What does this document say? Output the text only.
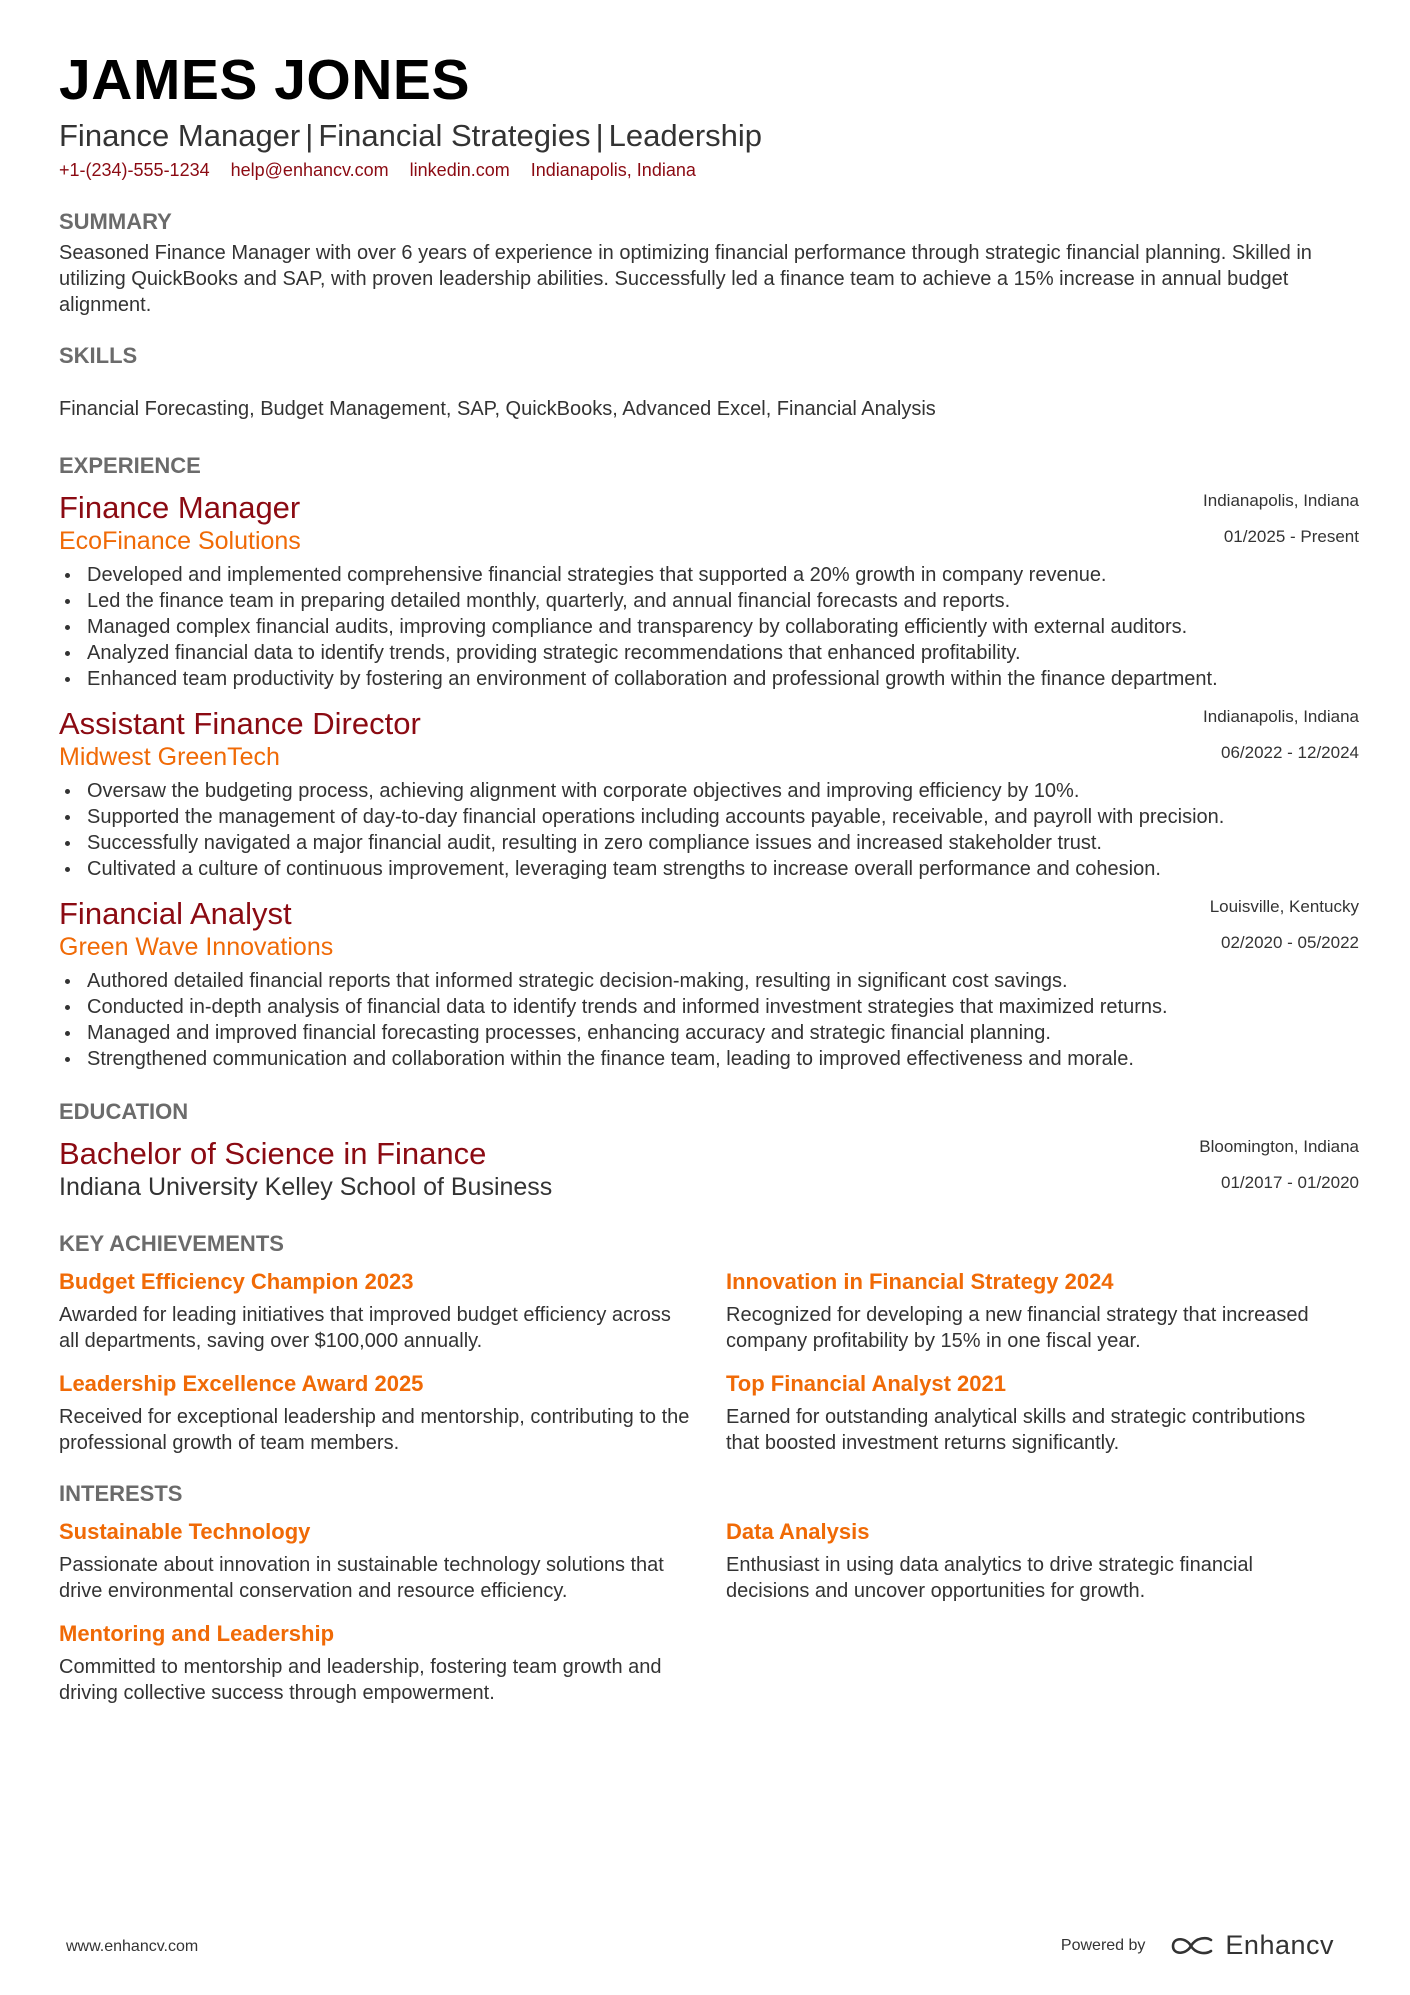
JAMES JONES
Finance Manager | Financial Strategies | Leadership
+1-(234)-555-1234 help@enhancv.com linkedin.com Indianapolis, Indiana
SUMMARY
Seasoned Finance Manager with over 6 years of experience in optimizing financial performance through strategic financial planning. Skilled in utilizing QuickBooks and SAP, with proven leadership abilities. Successfully led a finance team to achieve a 15% increase in annual budget alignment.
SKILLS
Financial Forecasting, Budget Management, SAP, QuickBooks, Advanced Excel, Financial Analysis
EXPERIENCE
Finance Manager
EcoFinance Solutions
Indianapolis, Indiana
01/2025 - Present
Developed and implemented comprehensive financial strategies that supported a 20% growth in company revenue.
Led the finance team in preparing detailed monthly, quarterly, and annual financial forecasts and reports.
Managed complex financial audits, improving compliance and transparency by collaborating efficiently with external auditors.
Analyzed financial data to identify trends, providing strategic recommendations that enhanced profitability.
Enhanced team productivity by fostering an environment of collaboration and professional growth within the finance department.
Assistant Finance Director
Midwest GreenTech
Indianapolis, Indiana
06/2022 - 12/2024
Oversaw the budgeting process, achieving alignment with corporate objectives and improving efficiency by 10%.
Supported the management of day-to-day financial operations including accounts payable, receivable, and payroll with precision.
Successfully navigated a major financial audit, resulting in zero compliance issues and increased stakeholder trust.
Cultivated a culture of continuous improvement, leveraging team strengths to increase overall performance and cohesion.
Financial Analyst
Green Wave Innovations
Louisville, Kentucky
02/2020 - 05/2022
Authored detailed financial reports that informed strategic decision-making, resulting in significant cost savings.
Conducted in-depth analysis of financial data to identify trends and informed investment strategies that maximized returns.
Managed and improved financial forecasting processes, enhancing accuracy and strategic financial planning.
Strengthened communication and collaboration within the finance team, leading to improved effectiveness and morale.
EDUCATION
Bachelor of Science in Finance
Indiana University Kelley School of Business
Bloomington, Indiana
01/2017 - 01/2020
KEY ACHIEVEMENTS
Budget Efficiency Champion 2023
Awarded for leading initiatives that improved budget efficiency across all departments, saving over $100,000 annually.
Innovation in Financial Strategy 2024
Recognized for developing a new financial strategy that increased company profitability by 15% in one fiscal year.
Leadership Excellence Award 2025
Received for exceptional leadership and mentorship, contributing to the professional growth of team members.
Top Financial Analyst 2021
Earned for outstanding analytical skills and strategic contributions that boosted investment returns significantly.
INTERESTS
Sustainable Technology
Passionate about innovation in sustainable technology solutions that drive environmental conservation and resource efficiency.
Data Analysis
Enthusiast in using data analytics to drive strategic financial decisions and uncover opportunities for growth.
Mentoring and Leadership
Committed to mentorship and leadership, fostering team growth and driving collective success through empowerment.
www.enhancv.com	Powered by	Enhancv
